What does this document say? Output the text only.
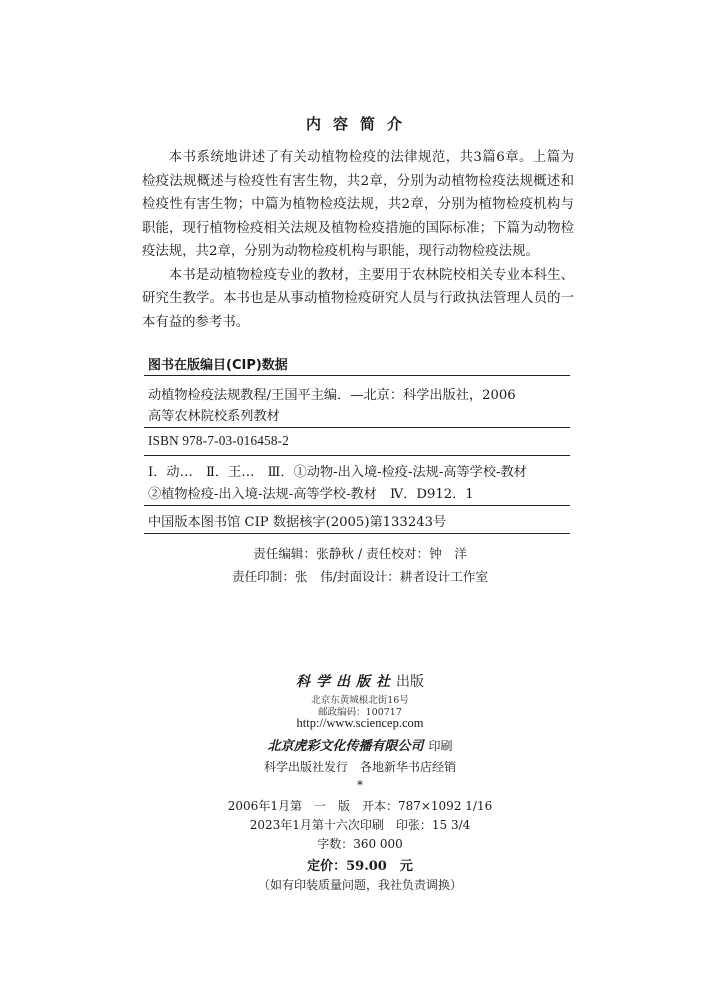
内容简介

本书系统地讲述了有关动植物检疫的法律规范，共3篇6章。上篇为检疫法规概述与检疫性有害生物，共2章，分别为动植物检疫法规概述和检疫性有害生物；中篇为植物检疫法规，共2章，分别为植物检疫机构与职能，现行植物检疫相关法规及植物检疫措施的国际标准；下篇为动物检疫法规，共2章，分别为动物检疫机构与职能，现行动物检疫法规。

本书是动植物检疫专业的教材，主要用于农林院校相关专业本科生、研究生教学。本书也是从事动植物检疫研究人员与行政执法管理人员的一本有益的参考书。

图书在版编目(CIP)数据
动植物检疫法规教程/王国平主编．—北京：科学出版社，2006
高等农林院校系列教材
ISBN 978-7-03-016458-2
Ⅰ．动…　Ⅱ．王…　Ⅲ．①动物-出入境-检疫-法规-高等学校-教材
②植物检疫-出入境-法规-高等学校-教材　Ⅳ．D912．1
中国版本图书馆 CIP 数据核字(2005)第133243号
责任编辑：张静秋 / 责任校对：钟　洋
责任印制：张　伟/封面设计：耕者设计工作室
科学出版社出版
北京东黄城根北街16号
邮政编码：100717
http://www.sciencep.com
北京虎彩文化传播有限公司 印刷
科学出版社发行　各地新华书店经销
*
2006年1月第　一　版　开本：787×1092 1/16
2023年1月第十六次印刷　印张：15 3/4
字数：360 000
定价：59.00　元
（如有印装质量问题，我社负责调换）
